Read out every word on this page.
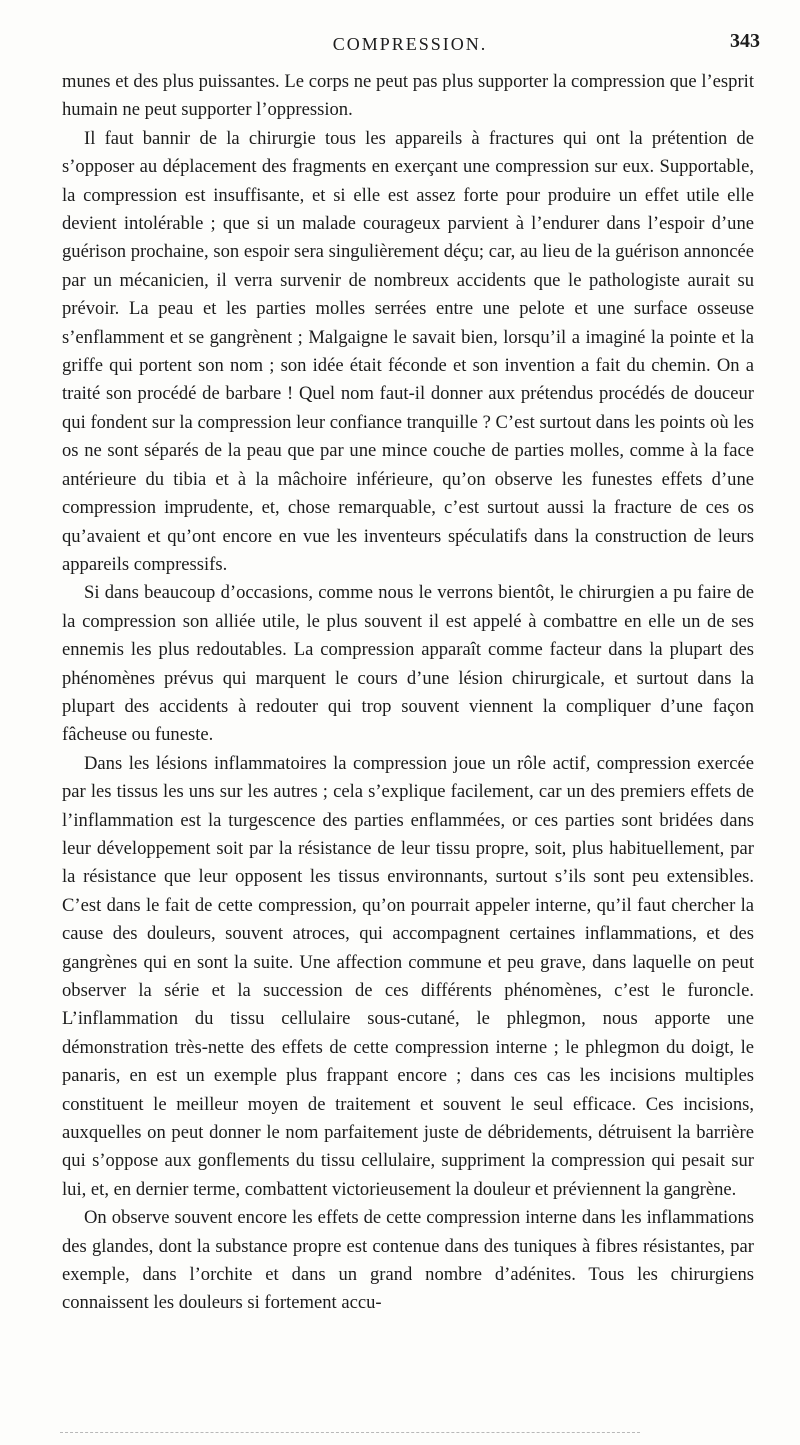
COMPRESSION.	343

munes et des plus puissantes. Le corps ne peut pas plus supporter la compression que l’esprit humain ne peut supporter l’oppression.

Il faut bannir de la chirurgie tous les appareils à fractures qui ont la prétention de s’opposer au déplacement des fragments en exerçant une compression sur eux. Supportable, la compression est insuffisante, et si elle est assez forte pour produire un effet utile elle devient intolérable ; que si un malade courageux parvient à l’endurer dans l’espoir d’une guérison prochaine, son espoir sera singulièrement déçu; car, au lieu de la guérison annoncée par un mécanicien, il verra survenir de nombreux accidents que le pathologiste aurait su prévoir. La peau et les parties molles serrées entre une pelote et une surface osseuse s’enflamment et se gangrènent ; Malgaigne le savait bien, lorsqu’il a imaginé la pointe et la griffe qui portent son nom ; son idée était féconde et son invention a fait du chemin. On a traité son procédé de barbare ! Quel nom faut-il donner aux prétendus procédés de douceur qui fondent sur la compression leur confiance tranquille ? C’est surtout dans les points où les os ne sont séparés de la peau que par une mince couche de parties molles, comme à la face antérieure du tibia et à la mâchoire inférieure, qu’on observe les funestes effets d’une compression imprudente, et, chose remarquable, c’est surtout aussi la fracture de ces os qu’avaient et qu’ont encore en vue les inventeurs spéculatifs dans la construction de leurs appareils compressifs.

Si dans beaucoup d’occasions, comme nous le verrons bientôt, le chirurgien a pu faire de la compression son alliée utile, le plus souvent il est appelé à combattre en elle un de ses ennemis les plus redoutables. La compression apparaît comme facteur dans la plupart des phénomènes prévus qui marquent le cours d’une lésion chirurgicale, et surtout dans la plupart des accidents à redouter qui trop souvent viennent la compliquer d’une façon fâcheuse ou funeste.

Dans les lésions inflammatoires la compression joue un rôle actif, compression exercée par les tissus les uns sur les autres ; cela s’explique facilement, car un des premiers effets de l’inflammation est la turgescence des parties enflammées, or ces parties sont bridées dans leur développement soit par la résistance de leur tissu propre, soit, plus habituellement, par la résistance que leur opposent les tissus environnants, surtout s’ils sont peu extensibles. C’est dans le fait de cette compression, qu’on pourrait appeler interne, qu’il faut chercher la cause des douleurs, souvent atroces, qui accompagnent certaines inflammations, et des gangrènes qui en sont la suite. Une affection commune et peu grave, dans laquelle on peut observer la série et la succession de ces différents phénomènes, c’est le furoncle. L’inflammation du tissu cellulaire sous-cutané, le phlegmon, nous apporte une démonstration très-nette des effets de cette compression interne ; le phlegmon du doigt, le panaris, en est un exemple plus frappant encore ; dans ces cas les incisions multiples constituent le meilleur moyen de traitement et souvent le seul efficace. Ces incisions, auxquelles on peut donner le nom parfaitement juste de débridements, détruisent la barrière qui s’oppose aux gonflements du tissu cellulaire, suppriment la compression qui pesait sur lui, et, en dernier terme, combattent victorieusement la douleur et préviennent la gangrène.

On observe souvent encore les effets de cette compression interne dans les inflammations des glandes, dont la substance propre est contenue dans des tuniques à fibres résistantes, par exemple, dans l’orchite et dans un grand nombre d’adénites. Tous les chirurgiens connaissent les douleurs si fortement accu-
